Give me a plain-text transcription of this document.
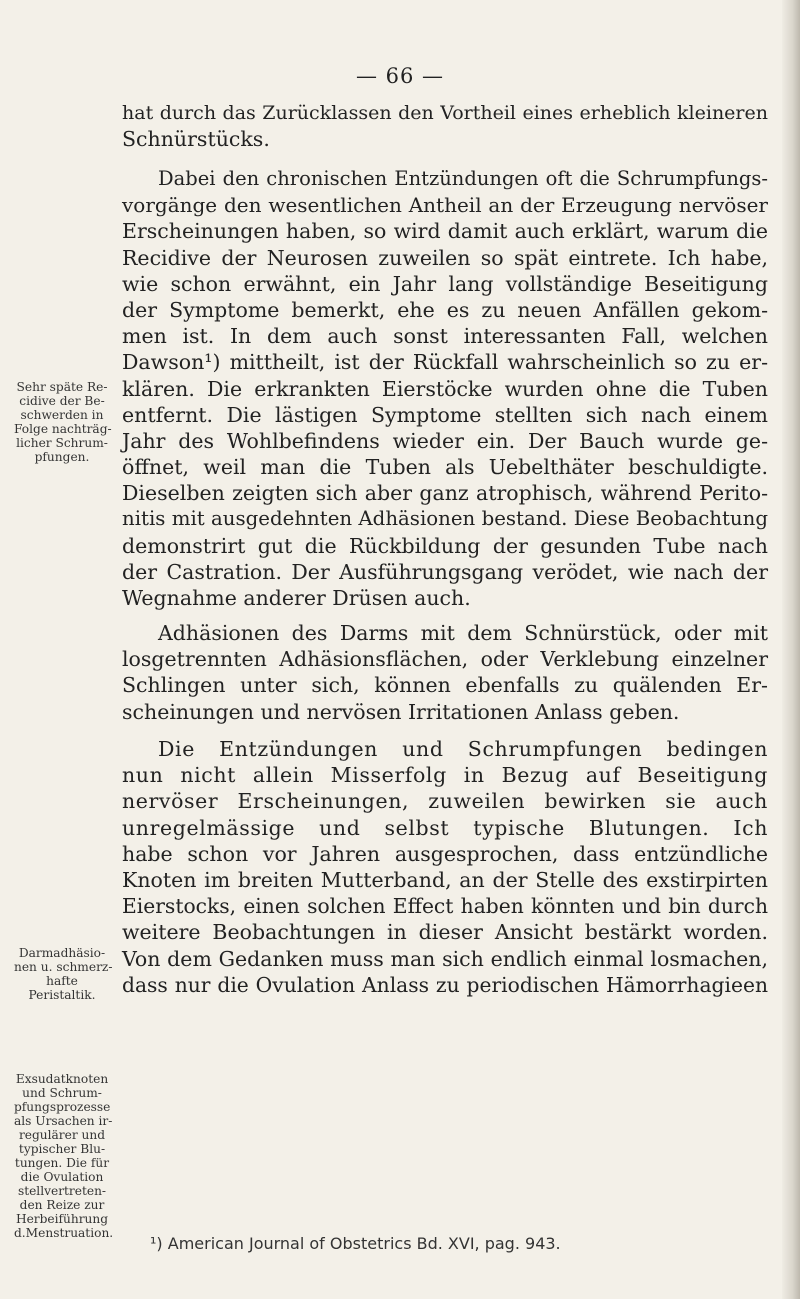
— 66 —
Sehr späte Re-
cidive der Be-
schwerden in
Folge nachträg-
licher Schrum-
pfungen.
Darmadhäsio-
nen u. schmerz-
hafte
Peristaltik.
Exsudatknoten
und Schrum-
pfungsprozesse
als Ursachen ir-
regulärer und
typischer Blu-
tungen. Die für
die Ovulation
stellvertreten-
den Reize zur
Herbeiführung
d.Menstruation.
hat durch das Zurücklassen den Vortheil eines erheblich kleineren
Schnürstücks.
Dabei den chronischen Entzündungen oft die Schrumpfungs-
vorgänge den wesentlichen Antheil an der Erzeugung nervöser
Erscheinungen haben, so wird damit auch erklärt, warum die
Recidive der Neurosen zuweilen so spät eintrete. Ich habe,
wie schon erwähnt, ein Jahr lang vollständige Beseitigung
der Symptome bemerkt, ehe es zu neuen Anfällen gekom-
men ist. In dem auch sonst interessanten Fall, welchen
Dawson¹) mittheilt, ist der Rückfall wahrscheinlich so zu er-
klären. Die erkrankten Eierstöcke wurden ohne die Tuben
entfernt. Die lästigen Symptome stellten sich nach einem
Jahr des Wohlbefindens wieder ein. Der Bauch wurde ge-
öffnet, weil man die Tuben als Uebelthäter beschuldigte.
Dieselben zeigten sich aber ganz atrophisch, während Perito-
nitis mit ausgedehnten Adhäsionen bestand. Diese Beobachtung
demonstrirt gut die Rückbildung der gesunden Tube nach
der Castration. Der Ausführungsgang verödet, wie nach der
Wegnahme anderer Drüsen auch.
Adhäsionen des Darms mit dem Schnürstück, oder mit
losgetrennten Adhäsionsflächen, oder Verklebung einzelner
Schlingen unter sich, können ebenfalls zu quälenden Er-
scheinungen und nervösen Irritationen Anlass geben.
Die Entzündungen und Schrumpfungen bedingen
nun nicht allein Misserfolg in Bezug auf Beseitigung
nervöser Erscheinungen, zuweilen bewirken sie auch
unregelmässige und selbst typische Blutungen. Ich
habe schon vor Jahren ausgesprochen, dass entzündliche
Knoten im breiten Mutterband, an der Stelle des exstirpirten
Eierstocks, einen solchen Effect haben könnten und bin durch
weitere Beobachtungen in dieser Ansicht bestärkt worden.
Von dem Gedanken muss man sich endlich einmal losmachen,
dass nur die Ovulation Anlass zu periodischen Hämorrhagieen
¹) American Journal of Obstetrics Bd. XVI, pag. 943.
